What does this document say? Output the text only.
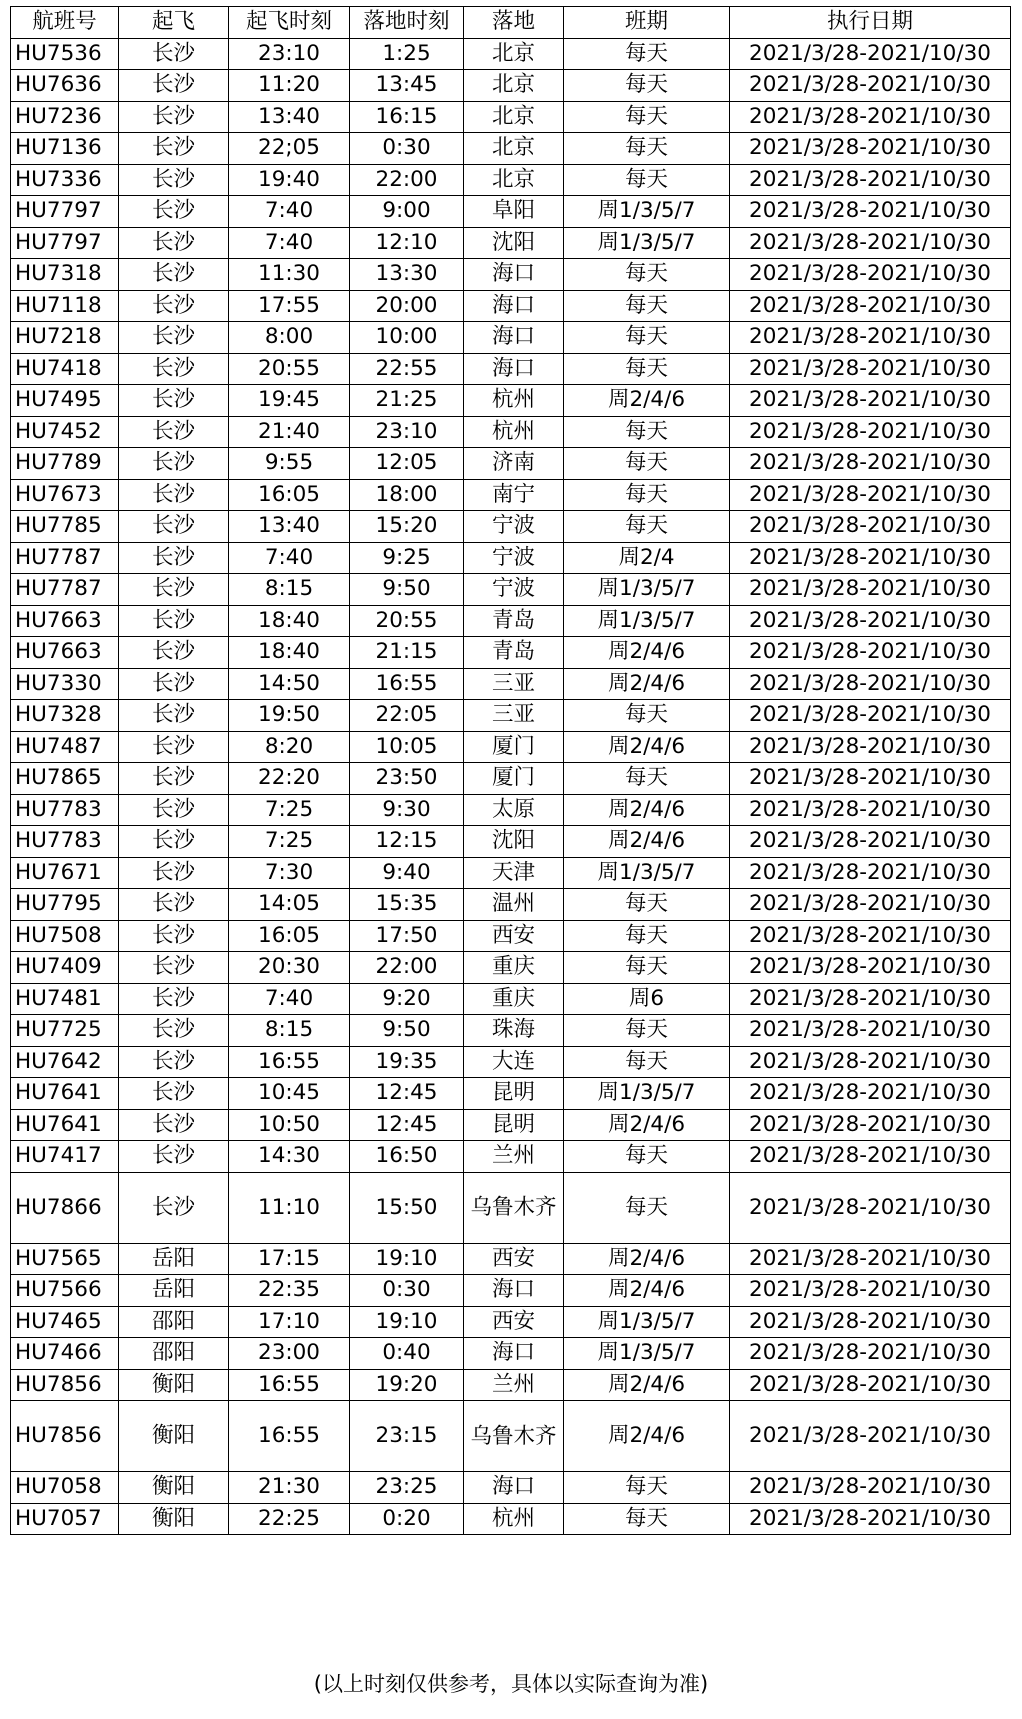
航班号	起飞	起飞时刻	落地时刻	落地	班期	执行日期
HU7536	长沙	23:10	1:25	北京	每天	2021/3/28-2021/10/30
HU7636	长沙	11:20	13:45	北京	每天	2021/3/28-2021/10/30
HU7236	长沙	13:40	16:15	北京	每天	2021/3/28-2021/10/30
HU7136	长沙	22;05	0:30	北京	每天	2021/3/28-2021/10/30
HU7336	长沙	19:40	22:00	北京	每天	2021/3/28-2021/10/30
HU7797	长沙	7:40	9:00	阜阳	周1/3/5/7	2021/3/28-2021/10/30
HU7797	长沙	7:40	12:10	沈阳	周1/3/5/7	2021/3/28-2021/10/30
HU7318	长沙	11:30	13:30	海口	每天	2021/3/28-2021/10/30
HU7118	长沙	17:55	20:00	海口	每天	2021/3/28-2021/10/30
HU7218	长沙	8:00	10:00	海口	每天	2021/3/28-2021/10/30
HU7418	长沙	20:55	22:55	海口	每天	2021/3/28-2021/10/30
HU7495	长沙	19:45	21:25	杭州	周2/4/6	2021/3/28-2021/10/30
HU7452	长沙	21:40	23:10	杭州	每天	2021/3/28-2021/10/30
HU7789	长沙	9:55	12:05	济南	每天	2021/3/28-2021/10/30
HU7673	长沙	16:05	18:00	南宁	每天	2021/3/28-2021/10/30
HU7785	长沙	13:40	15:20	宁波	每天	2021/3/28-2021/10/30
HU7787	长沙	7:40	9:25	宁波	周2/4	2021/3/28-2021/10/30
HU7787	长沙	8:15	9:50	宁波	周1/3/5/7	2021/3/28-2021/10/30
HU7663	长沙	18:40	20:55	青岛	周1/3/5/7	2021/3/28-2021/10/30
HU7663	长沙	18:40	21:15	青岛	周2/4/6	2021/3/28-2021/10/30
HU7330	长沙	14:50	16:55	三亚	周2/4/6	2021/3/28-2021/10/30
HU7328	长沙	19:50	22:05	三亚	每天	2021/3/28-2021/10/30
HU7487	长沙	8:20	10:05	厦门	周2/4/6	2021/3/28-2021/10/30
HU7865	长沙	22:20	23:50	厦门	每天	2021/3/28-2021/10/30
HU7783	长沙	7:25	9:30	太原	周2/4/6	2021/3/28-2021/10/30
HU7783	长沙	7:25	12:15	沈阳	周2/4/6	2021/3/28-2021/10/30
HU7671	长沙	7:30	9:40	天津	周1/3/5/7	2021/3/28-2021/10/30
HU7795	长沙	14:05	15:35	温州	每天	2021/3/28-2021/10/30
HU7508	长沙	16:05	17:50	西安	每天	2021/3/28-2021/10/30
HU7409	长沙	20:30	22:00	重庆	每天	2021/3/28-2021/10/30
HU7481	长沙	7:40	9:20	重庆	周6	2021/3/28-2021/10/30
HU7725	长沙	8:15	9:50	珠海	每天	2021/3/28-2021/10/30
HU7642	长沙	16:55	19:35	大连	每天	2021/3/28-2021/10/30
HU7641	长沙	10:45	12:45	昆明	周1/3/5/7	2021/3/28-2021/10/30
HU7641	长沙	10:50	12:45	昆明	周2/4/6	2021/3/28-2021/10/30
HU7417	长沙	14:30	16:50	兰州	每天	2021/3/28-2021/10/30
HU7866	长沙	11:10	15:50	乌鲁木齐	每天	2021/3/28-2021/10/30
HU7565	岳阳	17:15	19:10	西安	周2/4/6	2021/3/28-2021/10/30
HU7566	岳阳	22:35	0:30	海口	周2/4/6	2021/3/28-2021/10/30
HU7465	邵阳	17:10	19:10	西安	周1/3/5/7	2021/3/28-2021/10/30
HU7466	邵阳	23:00	0:40	海口	周1/3/5/7	2021/3/28-2021/10/30
HU7856	衡阳	16:55	19:20	兰州	周2/4/6	2021/3/28-2021/10/30
HU7856	衡阳	16:55	23:15	乌鲁木齐	周2/4/6	2021/3/28-2021/10/30
HU7058	衡阳	21:30	23:25	海口	每天	2021/3/28-2021/10/30
HU7057	衡阳	22:25	0:20	杭州	每天	2021/3/28-2021/10/30
(以上时刻仅供参考，具体以实际查询为准)
